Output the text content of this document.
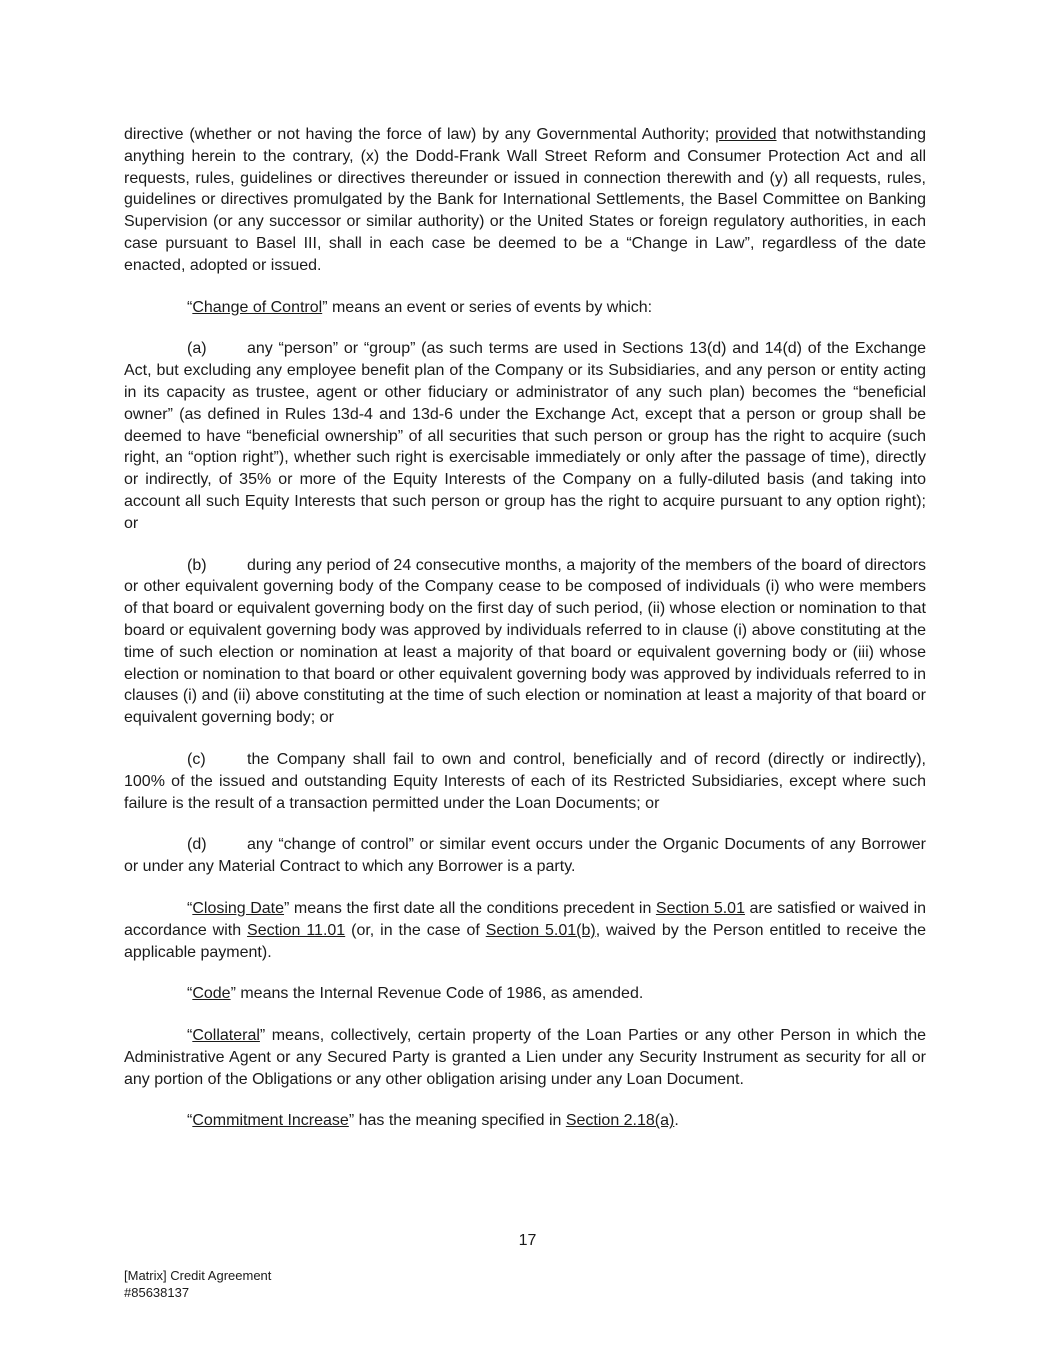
directive (whether or not having the force of law) by any Governmental Authority; provided that notwithstanding anything herein to the contrary, (x) the Dodd-Frank Wall Street Reform and Consumer Protection Act and all requests, rules, guidelines or directives thereunder or issued in connection therewith and (y) all requests, rules, guidelines or directives promulgated by the Bank for International Settlements, the Basel Committee on Banking Supervision (or any successor or similar authority) or the United States or foreign regulatory authorities, in each case pursuant to Basel III, shall in each case be deemed to be a “Change in Law”, regardless of the date enacted, adopted or issued.

“Change of Control” means an event or series of events by which:

(a)	any “person” or “group” (as such terms are used in Sections 13(d) and 14(d) of the Exchange Act, but excluding any employee benefit plan of the Company or its Subsidiaries, and any person or entity acting in its capacity as trustee, agent or other fiduciary or administrator of any such plan) becomes the “beneficial owner” (as defined in Rules 13d-4 and 13d-6 under the Exchange Act, except that a person or group shall be deemed to have “beneficial ownership” of all securities that such person or group has the right to acquire (such right, an “option right”), whether such right is exercisable immediately or only after the passage of time), directly or indirectly, of 35% or more of the Equity Interests of the Company on a fully-diluted basis (and taking into account all such Equity Interests that such person or group has the right to acquire pursuant to any option right); or

(b)	during any period of 24 consecutive months, a majority of the members of the board of directors or other equivalent governing body of the Company cease to be composed of individuals (i) who were members of that board or equivalent governing body on the first day of such period, (ii) whose election or nomination to that board or equivalent governing body was approved by individuals referred to in clause (i) above constituting at the time of such election or nomination at least a majority of that board or equivalent governing body or (iii) whose election or nomination to that board or other equivalent governing body was approved by individuals referred to in clauses (i) and (ii) above constituting at the time of such election or nomination at least a majority of that board or equivalent governing body; or

(c)	the Company shall fail to own and control, beneficially and of record (directly or indirectly), 100% of the issued and outstanding Equity Interests of each of its Restricted Subsidiaries, except where such failure is the result of a transaction permitted under the Loan Documents; or

(d)	any “change of control” or similar event occurs under the Organic Documents of any Borrower or under any Material Contract to which any Borrower is a party.

“Closing Date” means the first date all the conditions precedent in Section 5.01 are satisfied or waived in accordance with Section 11.01 (or, in the case of Section 5.01(b), waived by the Person entitled to receive the applicable payment).

“Code” means the Internal Revenue Code of 1986, as amended.

“Collateral” means, collectively, certain property of the Loan Parties or any other Person in which the Administrative Agent or any Secured Party is granted a Lien under any Security Instrument as security for all or any portion of the Obligations or any other obligation arising under any Loan Document.

“Commitment Increase” has the meaning specified in Section 2.18(a).

17
[Matrix] Credit Agreement
#85638137
